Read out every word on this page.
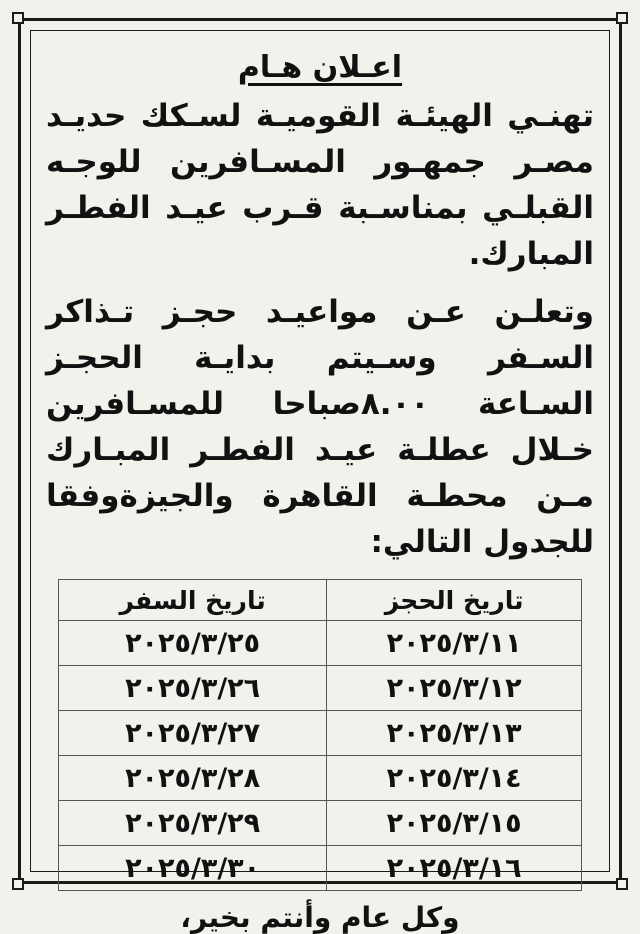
اعـلان هـام

تهنـي الهيئـة القوميـة لسـكك حديـد مصـر جمهـور المسـافرين للوجـه القبلـي بمناسـبة قـرب عيـد الفطـر المبارك.

وتعلـن عـن مواعيـد حجـز تـذاكر السـفر وسـيتم بدايـة الحجـز السـاعة ٨.٠٠صباحا للمسـافرين خـلال عطلـة عيـد الفطـر المبـارك مـن محطـة القاهرة والجيزةوفقا للجدول التالي:

تاريخ الحجز	تاريخ السفر
٢٠٢٥/٣/١١	٢٠٢٥/٣/٢٥
٢٠٢٥/٣/١٢	٢٠٢٥/٣/٢٦
٢٠٢٥/٣/١٣	٢٠٢٥/٣/٢٧
٢٠٢٥/٣/١٤	٢٠٢٥/٣/٢٨
٢٠٢٥/٣/١٥	٢٠٢٥/٣/٢٩
٢٠٢٥/٣/١٦	٢٠٢٥/٣/٣٠
وكل عام وأنتم بخير،
